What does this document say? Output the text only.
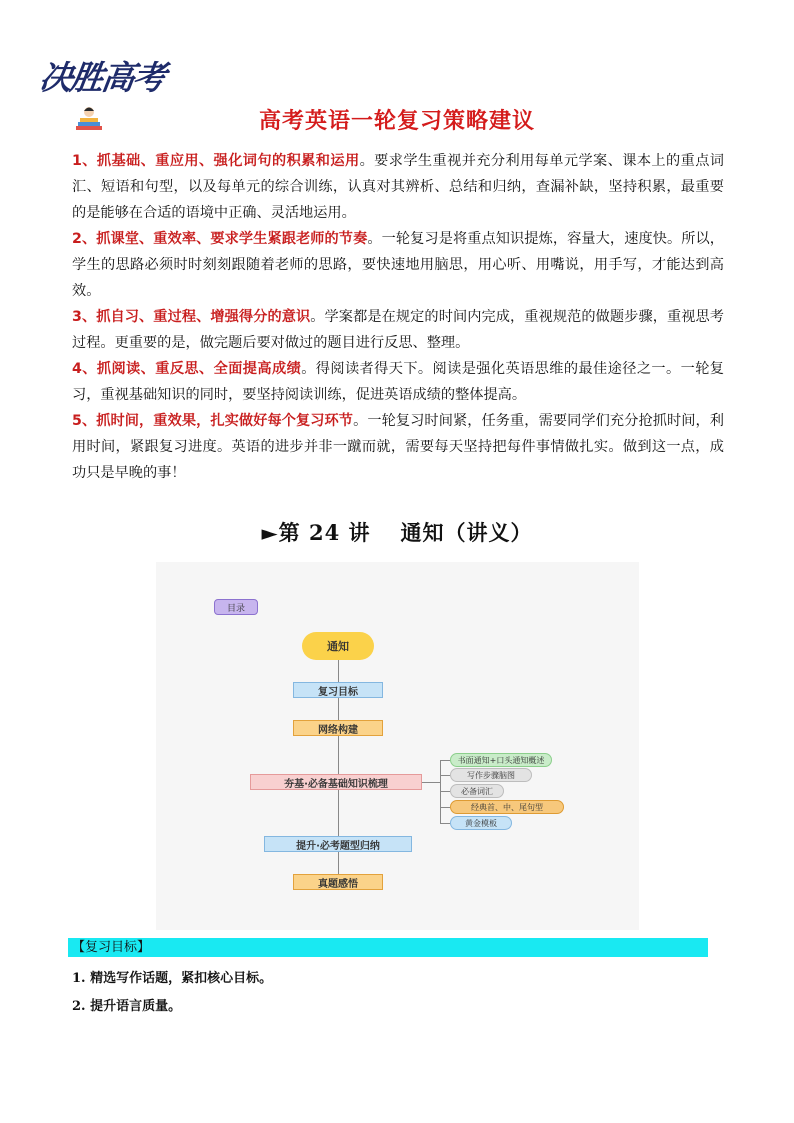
决胜高考
高考英语一轮复习策略建议

1、抓基础、重应用、强化词句的积累和运用。要求学生重视并充分利用每单元学案、课本上的重点词汇、短语和句型，以及每单元的综合训练，认真对其辨析、总结和归纳，查漏补缺，坚持积累，最重要的是能够在合适的语境中正确、灵活地运用。

2、抓课堂、重效率、要求学生紧跟老师的节奏。一轮复习是将重点知识提炼，容量大，速度快。所以，学生的思路必须时时刻刻跟随着老师的思路，要快速地用脑思，用心听、用嘴说，用手写，才能达到高效。

3、抓自习、重过程、增强得分的意识。学案都是在规定的时间内完成，重视规范的做题步骤，重视思考过程。更重要的是，做完题后要对做过的题目进行反思、整理。

4、抓阅读、重反思、全面提高成绩。得阅读者得天下。阅读是强化英语思维的最佳途径之一。一轮复习，重视基础知识的同时，要坚持阅读训练，促进英语成绩的整体提高。

5、抓时间，重效果，扎实做好每个复习环节。一轮复习时间紧，任务重，需要同学们充分抢抓时间，利用时间，紧跟复习进度。英语的进步并非一蹴而就，需要每天坚持把每件事情做扎实。做到这一点，成功只是早晚的事！

►第 24 讲 通知（讲义）
目录
通知
复习目标
网络构建
夯基·必备基础知识梳理
提升·必考题型归纳
真题感悟
书面通知+口头通知概述
写作步骤脑图
必备词汇
经典首、中、尾句型
黄金模板
【复习目标】
1. 精选写作话题，紧扣核心目标。
2. 提升语言质量。
